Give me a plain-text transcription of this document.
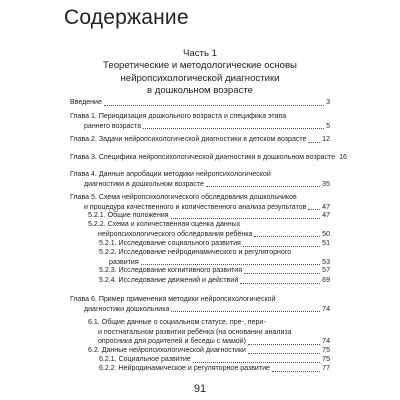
Содержание
Часть 1
Теоретические и методологические основы
нейропсихологической диагностики
в дошкольном возрасте
Введение	3
Глава 1. Периодизация дошкольного возраста и специфика этапа
раннего возраста	5
Глава 2. Задачи нейропсихологической диагностики в детском возрасте 12
Глава 3. Специфика нейропсихологической диагностики в дошкольном возрасте 16
Глава 4. Данные апробации методики нейропсихологической
диагностики в дошкольном возрасте	35
Глава 5. Схема нейропсихологического обследования дошкольников
и процедура качественного и количественного анализа результатов 47
5.2.1. Общие положения	47
5.2.2. Схема и количественная оценка данных
нейропсихологического обследования ребёнка	50
5.2.1. Исследование социального развития	51
5.2.2. Исследование нейродинамического и регуляторного
развития	53
5.2.3. Исследование когнитивного развития	57
5.2.4. Исследование движений и действий	69
Глава 6. Пример применения методики нейропсихологической
диагностики дошкольника	74
6.1. Общие данные о социальном статусе, пре-, пери-
и постнатальном развитии ребёнка (на основании анализа
опросника для родителей и беседы с мамой)	74
6.2. Данные нейропсихологической диагностики	75
6.2.1. Социальное развитие	75
6.2.2. Нейродинамическое и регуляторное развитие	77
91
